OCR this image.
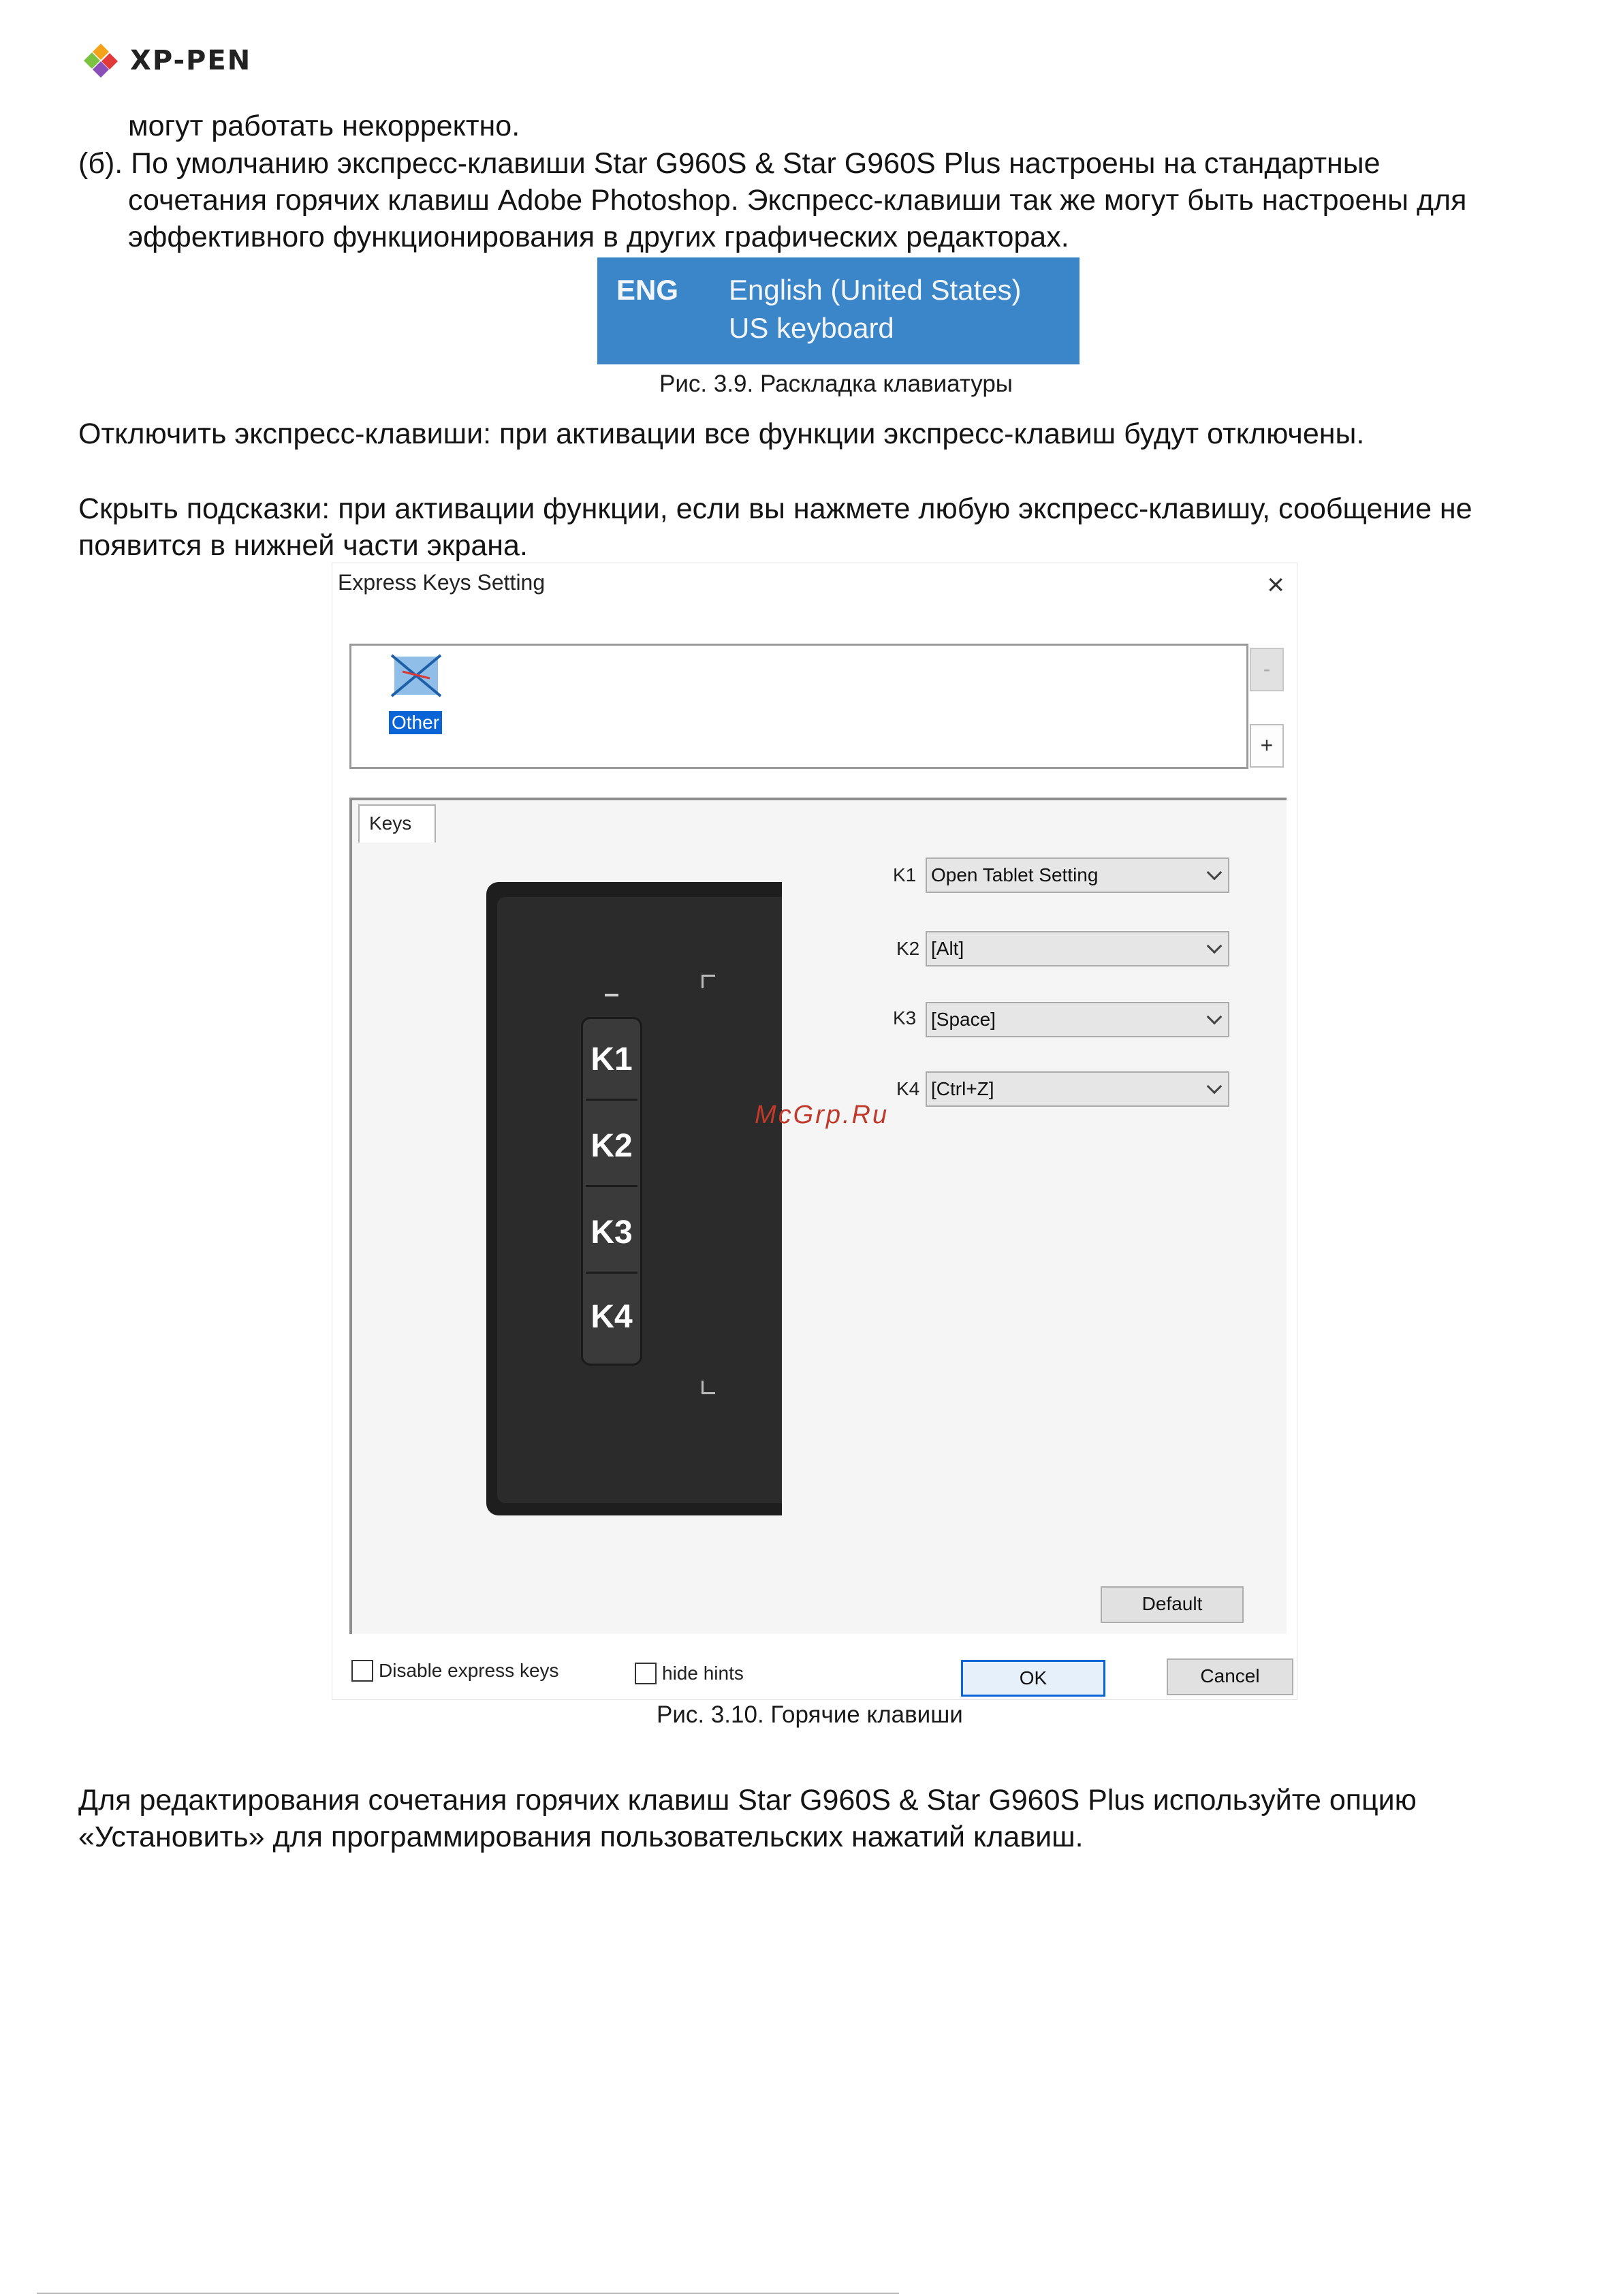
XP-PEN
могут работать некорректно.
(б). По умолчанию экспресс-клавиши Star G960S & Star G960S Plus настроены на стандартные
сочетания горячих клавиш Adobe Photoshop. Экспресс-клавиши так же могут быть настроены для
эффективного функционирования в других графических редакторах.
ENG English (United States)
US keyboard
Рис. 3.9. Раскладка клавиатуры
Отключить экспресс-клавиши: при активации все функции экспресс-клавиш будут отключены.
Скрыть подсказки: при активации функции, если вы нажмете любую экспресс-клавишу, сообщение не
появится в нижней части экрана.
Express Keys Setting	×
Other
-
+
Keys
K1
K2
K3
K4
K1 Open Tablet Setting
K2 [Alt]
K3 [Space]
K4 [Ctrl+Z]
Default
Disable express keys	hide hints	OK	Cancel
McGrp.Ru
Рис. 3.10. Горячие клавиши
Для редактирования сочетания горячих клавиш Star G960S & Star G960S Plus используйте опцию
«Установить» для программирования пользовательских нажатий клавиш.
